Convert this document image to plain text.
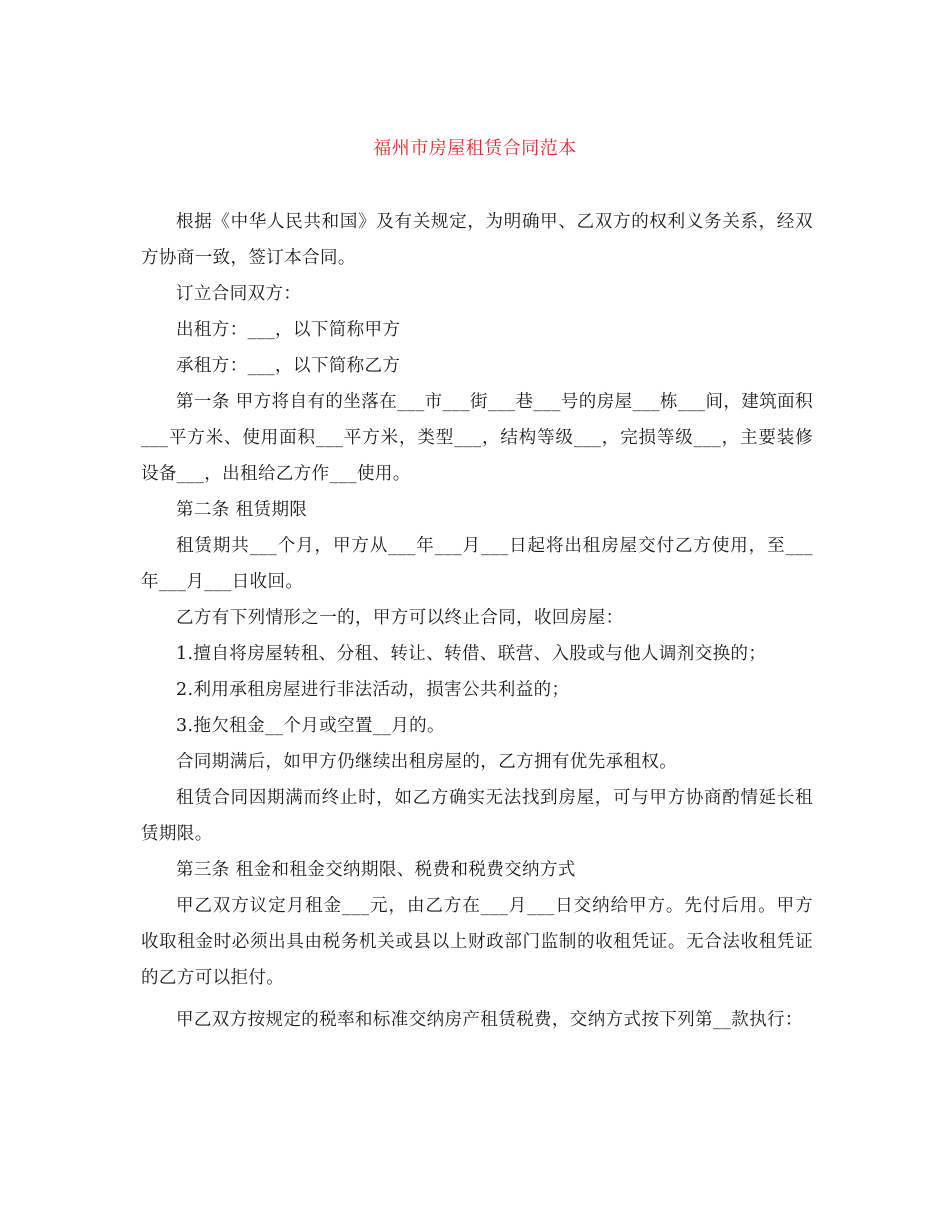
福州市房屋租赁合同范本

根据《中华人民共和国》及有关规定，为明确甲、乙双方的权利义务关系，经双方协商一致，签订本合同。

订立合同双方：

出租方：___，以下简称甲方

承租方：___，以下简称乙方

第一条 甲方将自有的坐落在___市___街___巷___号的房屋___栋___间，建筑面积___平方米、使用面积___平方米，类型___，结构等级___，完损等级___，主要装修设备___，出租给乙方作___使用。

第二条 租赁期限

租赁期共___个月，甲方从___年___月___日起将出租房屋交付乙方使用，至___年___月___日收回。

乙方有下列情形之一的，甲方可以终止合同，收回房屋：

1.擅自将房屋转租、分租、转让、转借、联营、入股或与他人调剂交换的；

2.利用承租房屋进行非法活动，损害公共利益的；

3.拖欠租金__个月或空置__月的。

合同期满后，如甲方仍继续出租房屋的，乙方拥有优先承租权。

租赁合同因期满而终止时，如乙方确实无法找到房屋，可与甲方协商酌情延长租赁期限。

第三条 租金和租金交纳期限、税费和税费交纳方式

甲乙双方议定月租金___元，由乙方在___月___日交纳给甲方。先付后用。甲方收取租金时必须出具由税务机关或县以上财政部门监制的收租凭证。无合法收租凭证的乙方可以拒付。

甲乙双方按规定的税率和标准交纳房产租赁税费，交纳方式按下列第__款执行：
